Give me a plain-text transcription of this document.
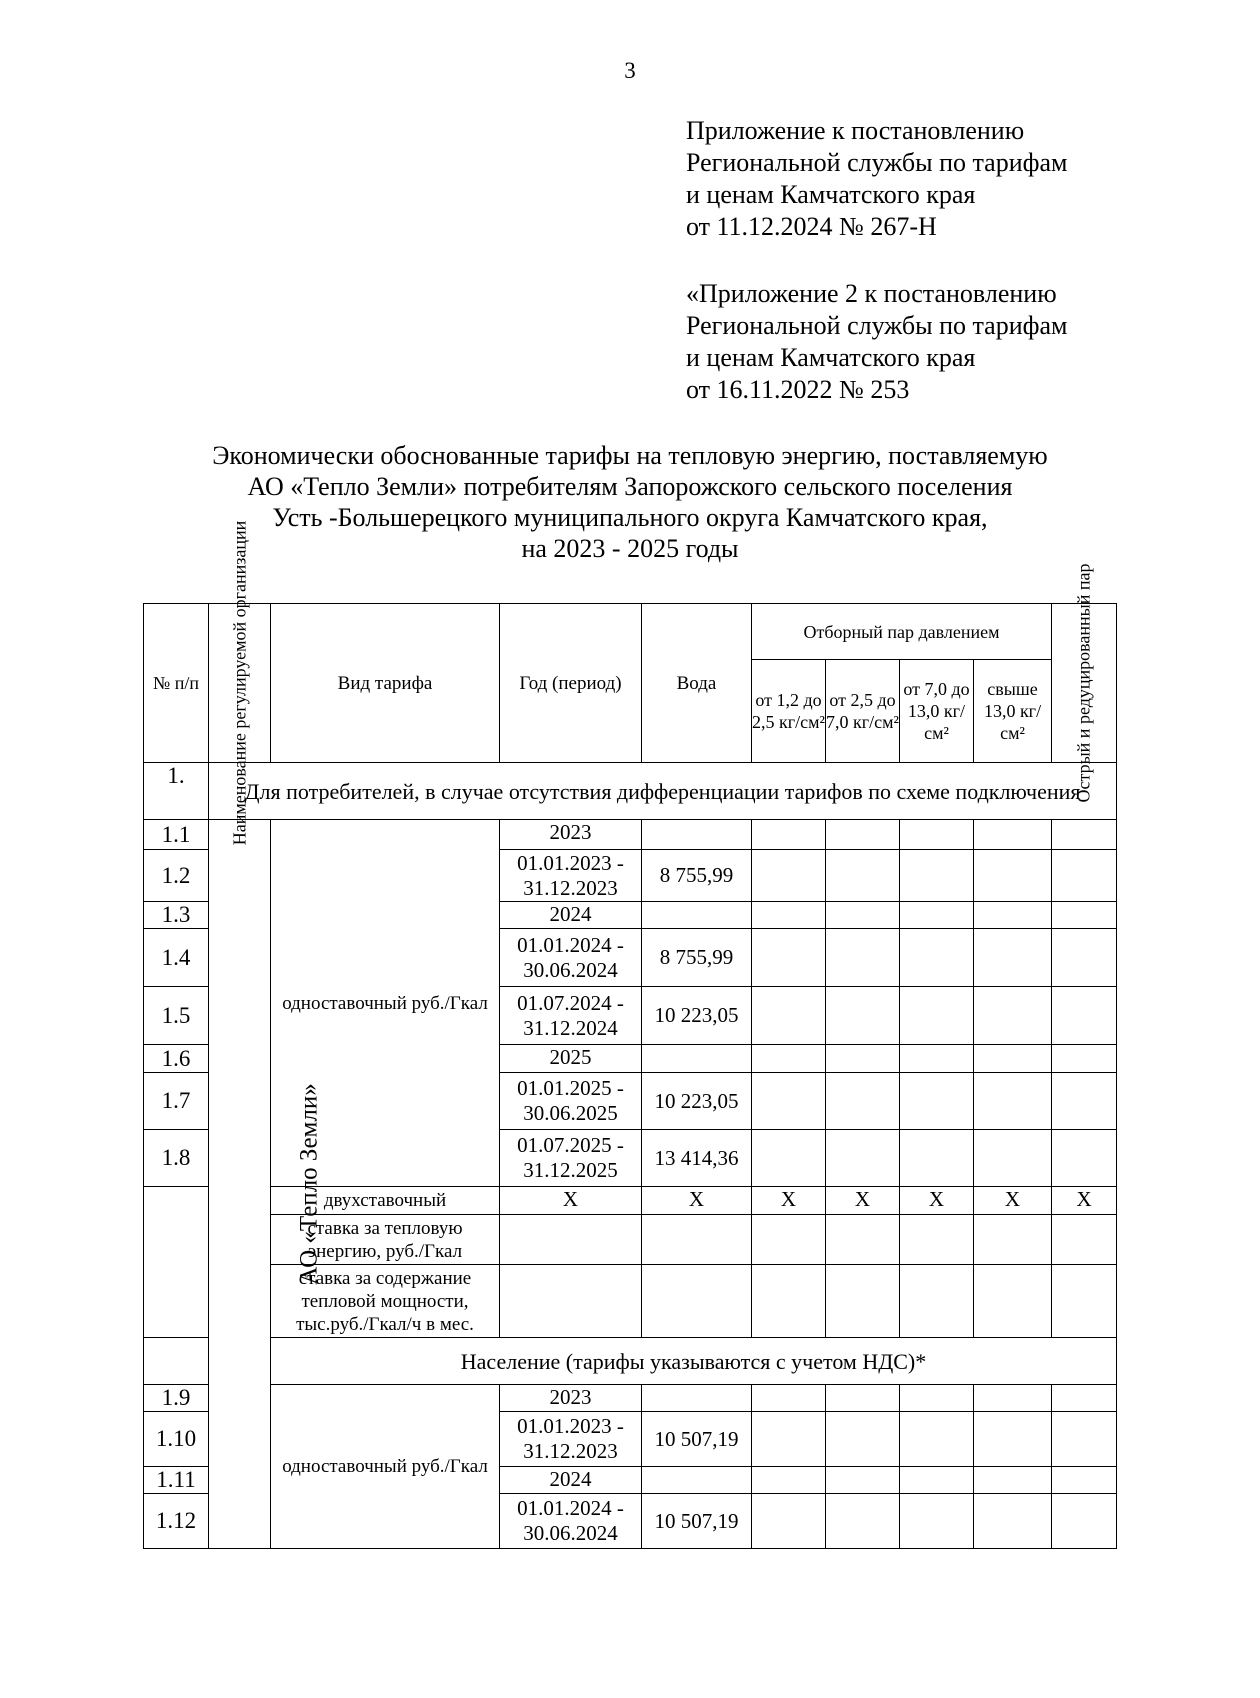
3
Приложение к постановлению
Региональной службы по тарифам
и ценам Камчатского края
от 11.12.2024 № 267-Н
«Приложение 2 к постановлению
Региональной службы по тарифам
и ценам Камчатского края
от 16.11.2022 № 253
Экономически обоснованные тарифы на тепловую энергию, поставляемую
АО «Тепло Земли» потребителям Запорожского сельского поселения
Усть -Большерецкого муниципального округа Камчатского края,
на 2023 - 2025 годы
№ п/п	Наименование регулируемой организации	Вид тарифа	Год (период)	Вода	Отборный пар давлением				Острый и редуцированный пар

					от 1,2 до 2,5 кг/см²	от 2,5 до 7,0 кг/см²	от 7,0 до 13,0 кг/см²	свыше 13,0 кг/см²	
1.	Для потребителей, в случае отсутствия дифференциации тарифов по схеме подключения								
1.1	АО «Тепло Земли»	одноставочный руб./Гкал	2023						
1.2			01.01.2023 - 31.12.2023	8 755,99					
1.3			2024						
1.4			01.01.2024 - 30.06.2024	8 755,99					
1.5			01.07.2024 - 31.12.2024	10 223,05					
1.6			2025						
1.7			01.01.2025 - 30.06.2025	10 223,05					
1.8			01.07.2025 - 31.12.2025	13 414,36					
		двухставочный	X	X	X	X	X	X	X
		ставка за тепловую энергию, руб./Гкал							
		ставка за содержание тепловой мощности, тыс.руб./Гкал/ч в мес.							
		Население (тарифы указываются с учетом НДС)*							
1.9		одноставочный руб./Гкал	2023						
1.10			01.01.2023 - 31.12.2023	10 507,19					
1.11			2024						
1.12			01.01.2024 - 30.06.2024	10 507,19					
